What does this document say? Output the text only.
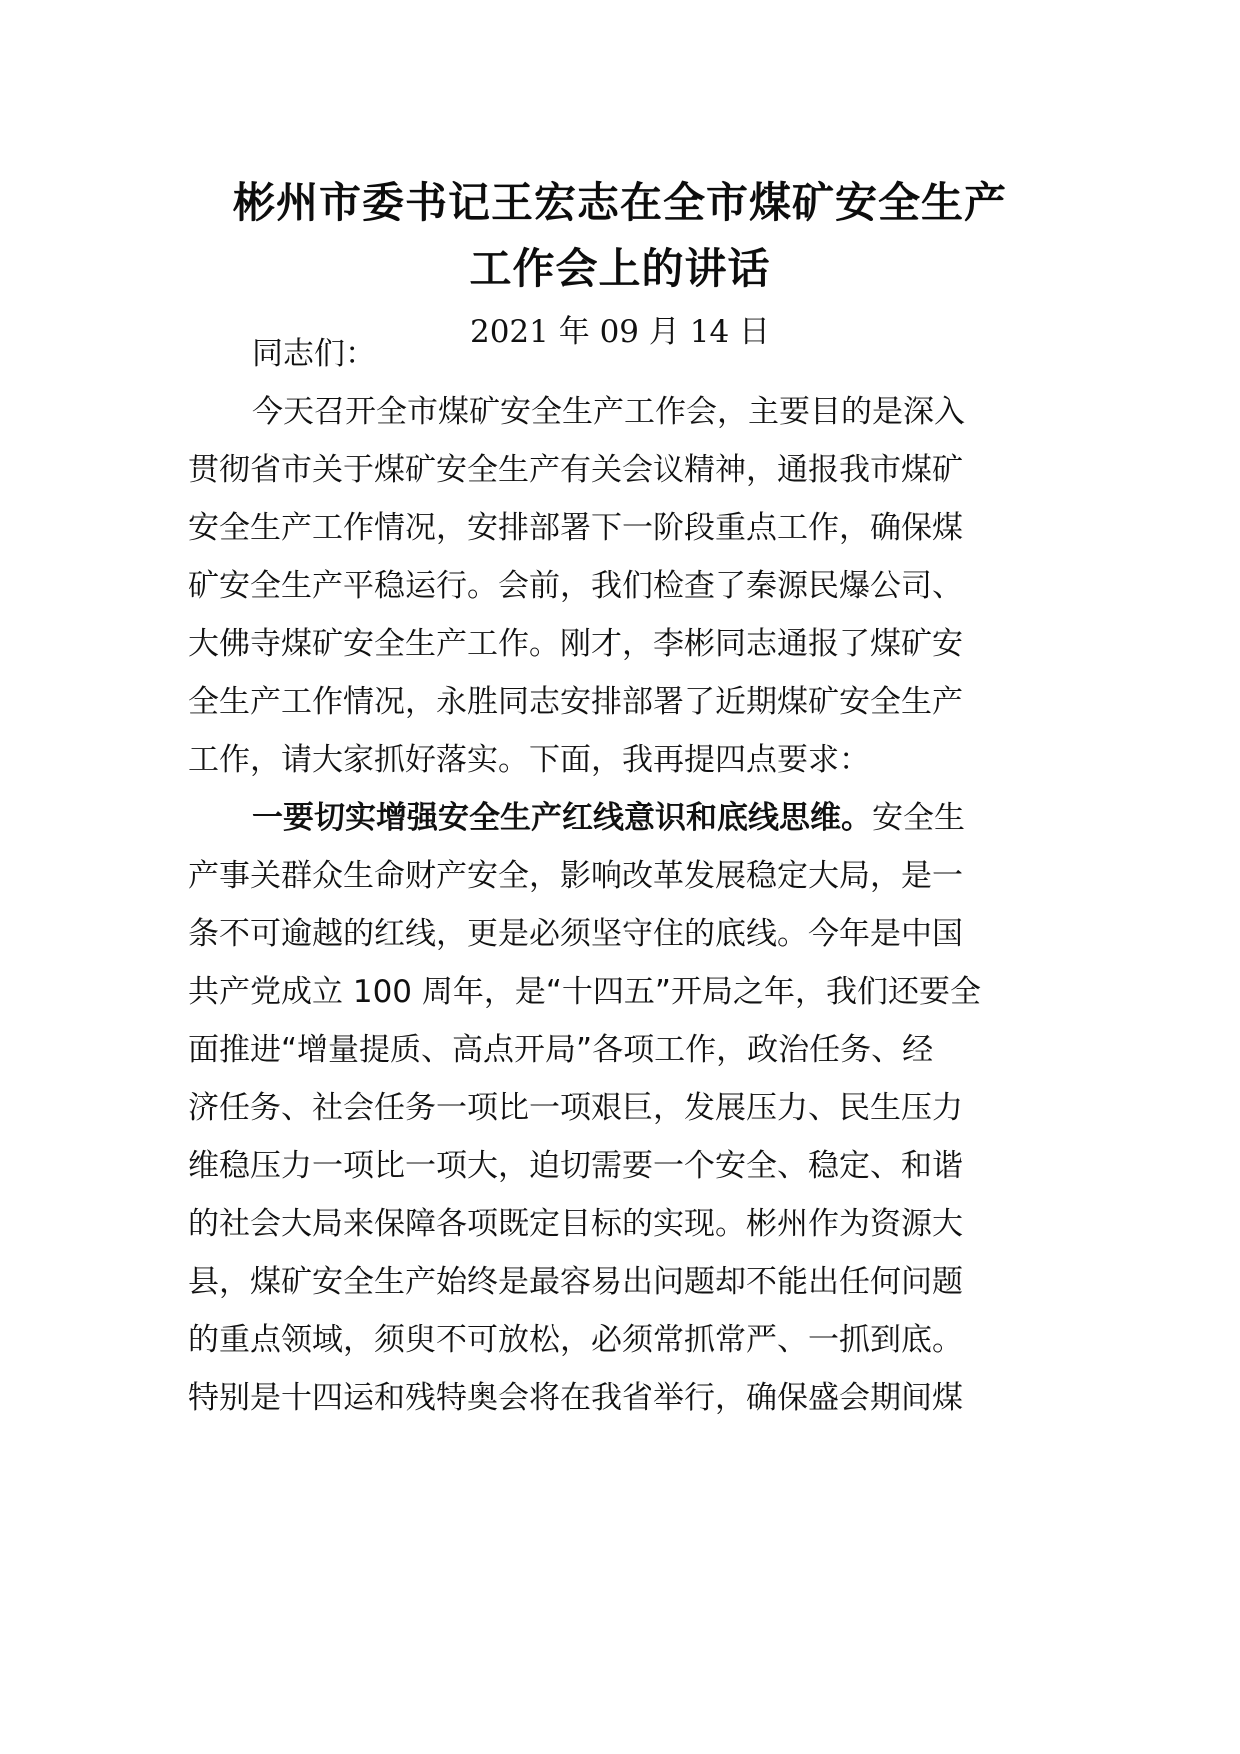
彬州市委书记王宏志在全市煤矿安全生产
工作会上的讲话
2021 年 09 月 14 日
同志们：
今天召开全市煤矿安全生产工作会，主要目的是深入
贯彻省市关于煤矿安全生产有关会议精神，通报我市煤矿
安全生产工作情况，安排部署下一阶段重点工作，确保煤
矿安全生产平稳运行。会前，我们检查了秦源民爆公司、
大佛寺煤矿安全生产工作。刚才，李彬同志通报了煤矿安
全生产工作情况，永胜同志安排部署了近期煤矿安全生产
工作，请大家抓好落实。下面，我再提四点要求：
一要切实增强安全生产红线意识和底线思维。安全生
产事关群众生命财产安全，影响改革发展稳定大局，是一
条不可逾越的红线，更是必须坚守住的底线。今年是中国
共产党成立 100 周年，是“十四五”开局之年，我们还要全
面推进“增量提质、高点开局”各项工作，政治任务、经
济任务、社会任务一项比一项艰巨，发展压力、民生压力
维稳压力一项比一项大，迫切需要一个安全、稳定、和谐
的社会大局来保障各项既定目标的实现。彬州作为资源大
县，煤矿安全生产始终是最容易出问题却不能出任何问题
的重点领域，须臾不可放松，必须常抓常严、一抓到底。
特别是十四运和残特奥会将在我省举行，确保盛会期间煤
